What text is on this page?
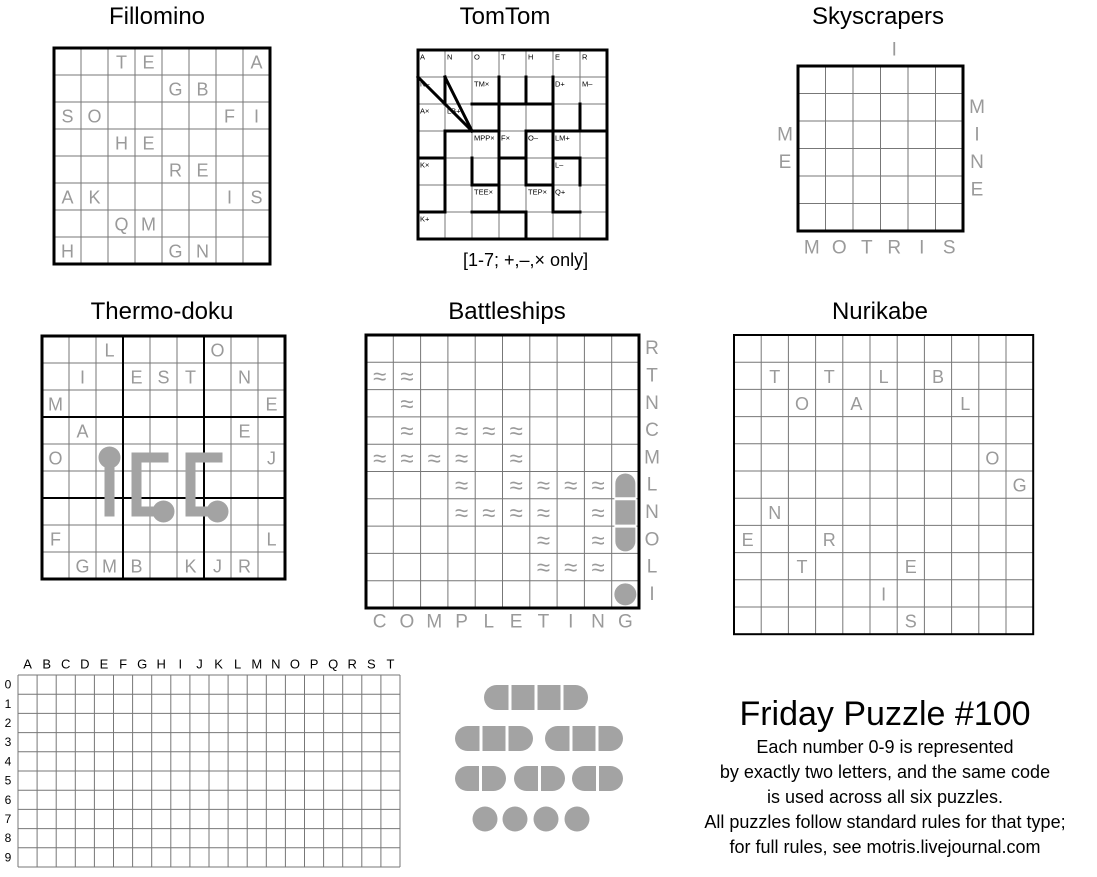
T E	A
G B
S O	F I
H E
R E
A K	I S
Q M
H	G N
A	N	O	T	H	E	R
N–	TM×	D+ M–
A× LB+
MPP× F× O– LM+
K×	L–
TEE×	TEP× Q+
K+
I
M O T R I S
M
E
M
I
N
E
L	O
I	E S T N
M	E
A	E
O	J
F	L
G M B K J R
≈ ≈
≈
≈ ≈ ≈ ≈
≈ ≈ ≈ ≈ ≈
≈ ≈ ≈ ≈ ≈
≈ ≈ ≈ ≈ ≈
≈ ≈
≈ ≈ ≈
R
T
N
C
M
L
N
O
L
I
C O M P L E T I N G
T T L B
O A	L
O
G
N
E	R
T	E
I
S
A B C D E F G H I J K L M N O P Q R S T
0
1
2
3
4
5
6
7
8
9
Fillomino	TomTom	Skyscrapers
Thermo-doku	Battleships	Nurikabe
Friday Puzzle #100
Each number 0-9 is represented
by exactly two letters, and the same code
is used across all six puzzles.
All puzzles follow standard rules for that type;
for full rules, see motris.livejournal.com
[1-7; +,–,× only]
